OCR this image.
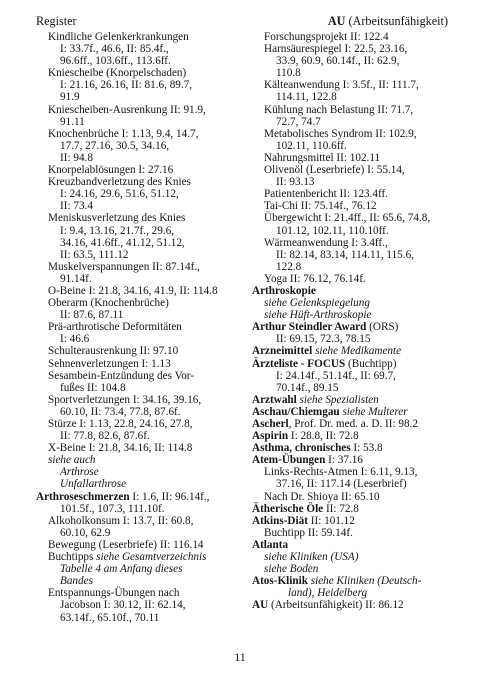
Register	AU (Arbeitsunfähigkeit)
Kindliche Gelenkerkrankungen
I: 33.7f., 46.6, II: 85.4f.,
96.6ff., 103.6ff., 113.6ff.
Kniescheibe (Knorpelschaden)
I: 21.16, 26.16, II: 81.6, 89.7,
91.9
Kniescheiben-Ausrenkung II: 91.9,
91.11
Knochenbrüche I: 1.13, 9.4, 14.7,
17.7, 27.16, 30.5, 34.16,
II: 94.8
Knorpelablösungen I: 27.16
Kreuzbandverletzung des Knies
I: 24.16, 29.6, 51.6, 51.12,
II: 73.4
Meniskusverletzung des Knies
I: 9.4, 13.16, 21.7f., 29.6,
34.16, 41.6ff., 41.12, 51.12,
II: 63.5, 111.12
Muskelverspannungen II: 87.14f.,
91.14f.
O-Beine I: 21.8, 34.16, 41.9, II: 114.8
Oberarm (Knochenbrüche)
II: 87.6, 87.11
Prä-arthrotische Deformitäten
I: 46.6
Schulterausrenkung II: 97.10
Sehnenverletzungen I: 1.13
Sesambein-Entzündung des Vor-
fußes II: 104.8
Sportverletzungen I: 34.16, 39.16,
60.10, II: 73.4, 77.8, 87.6f.
Stürze I: 1.13, 22.8, 24.16, 27.8,
II: 77.8, 82.6, 87.6f.
X-Beine I: 21.8, 34.16, II: 114.8
siehe auch
Arthrose
Unfallarthrose
Arthroseschmerzen I: 1.6, II: 96.14f.,
101.5f., 107.3, 111.10f.
Alkoholkonsum I: 13.7, II: 60.8,
60.10, 62.9
Bewegung (Leserbriefe) II: 116.14
Buchtipps siehe Gesamtverzeichnis
Tabelle 4 am Anfang dieses
Bandes
Entspannungs-Übungen nach
Jacobson I: 30.12, II: 62.14,
63.14f., 65.10f., 70.11
Forschungsprojekt II: 122.4
Harnsäurespiegel I: 22.5, 23.16,
33.9, 60.9, 60.14f., II: 62.9,
110.8
Kälteanwendung I: 3.5f., II: 111.7,
114.11, 122.8
Kühlung nach Belastung II: 71.7,
72.7, 74.7
Metabolisches Syndrom II: 102.9,
102.11, 110.6ff.
Nahrungsmittel II: 102.11
Olivenöl (Leserbriefe) I: 55.14,
II: 93.13
Patientenbericht II: 123.4ff.
Tai-Chi II: 75.14f., 76.12
Übergewicht I: 21.4ff., II: 65.6, 74.8,
101.12, 102.11, 110.10ff.
Wärmeanwendung I: 3.4ff.,
II: 82.14, 83.14, 114.11, 115.6,
122.8
Yoga II: 76.12, 76.14f.
Arthroskopie
siehe Gelenkspiegelung
siehe Hüft-Arthroskopie
Arthur Steindler Award (ORS)
II: 69.15, 72.3, 78.15
Arzneimittel siehe Medikamente
Ärzteliste - FOCUS (Buchtipp)
I: 24.14f., 51.14f., II: 69.7,
70.14f., 89.15
Arztwahl siehe Spezialisten
Aschau/Chiemgau siehe Multerer
Ascherl, Prof. Dr. med. a. D. II: 98.2
Aspirin I: 28.8, II: 72.8
Asthma, chronisches I: 53.8
Atem-Übungen I: 37.16
Links-Rechts-Atmen I: 6.11, 9.13,
37.16, II: 117.14 (Leserbrief)
Nach Dr. Shioya II: 65.10
Ätherische Öle II: 72.8
Atkins-Diät II: 101.12
Buchtipp II: 59.14f.
Atlanta
siehe Kliniken (USA)
siehe Boden
Atos-Klinik siehe Kliniken (Deutsch-
land), Heidelberg
AU (Arbeitsunfähigkeit) II: 86.12
11
